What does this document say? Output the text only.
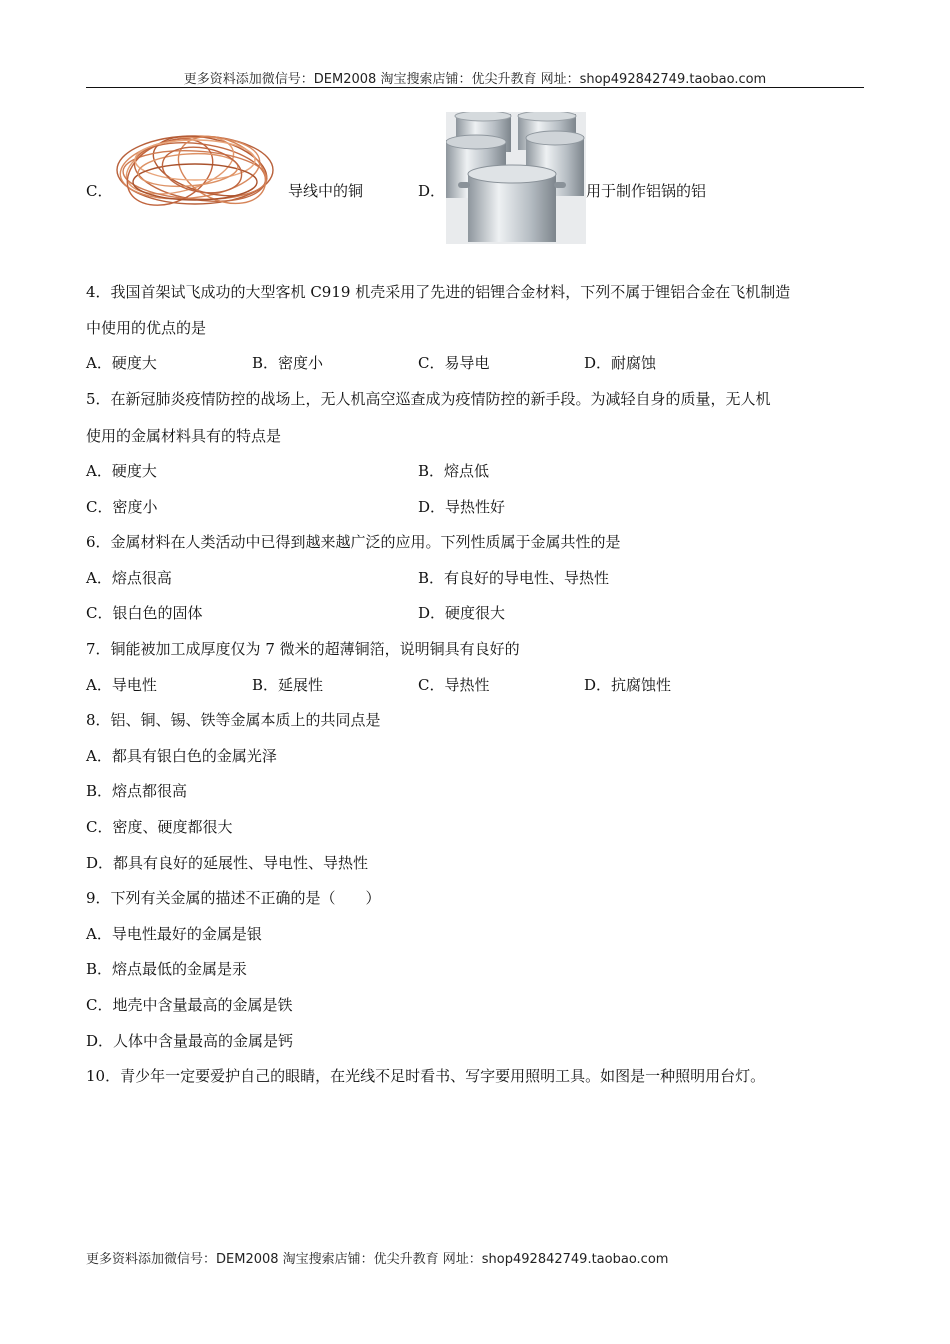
更多资料添加微信号：DEM2008 淘宝搜索店铺：优尖升教育 网址：shop492842749.taobao.com
C．	导线中的铜	D．	用于制作铝锅的铝
4．我国首架试飞成功的大型客机 C919 机壳采用了先进的铝锂合金材料，下列不属于锂铝合金在飞机制造
中使用的优点的是
A．硬度大	B．密度小	C．易导电	D．耐腐蚀
5．在新冠肺炎疫情防控的战场上，无人机高空巡查成为疫情防控的新手段。为减轻自身的质量，无人机
使用的金属材料具有的特点是
A．硬度大	B．熔点低
C．密度小	D．导热性好
6．金属材料在人类活动中已得到越来越广泛的应用。下列性质属于金属共性的是
A．熔点很高	B．有良好的导电性、导热性
C．银白色的固体	D．硬度很大
7．铜能被加工成厚度仅为 7 微米的超薄铜箔，说明铜具有良好的
A．导电性	B．延展性	C．导热性	D．抗腐蚀性
8．铝、铜、锡、铁等金属本质上的共同点是
A．都具有银白色的金属光泽
B．熔点都很高
C．密度、硬度都很大
D．都具有良好的延展性、导电性、导热性
9．下列有关金属的描述不正确的是（　　）
A．导电性最好的金属是银
B．熔点最低的金属是汞
C．地壳中含量最高的金属是铁
D．人体中含量最高的金属是钙
10．青少年一定要爱护自己的眼睛，在光线不足时看书、写字要用照明工具。如图是一种照明用台灯。
更多资料添加微信号：DEM2008 淘宝搜索店铺：优尖升教育 网址：shop492842749.taobao.com
